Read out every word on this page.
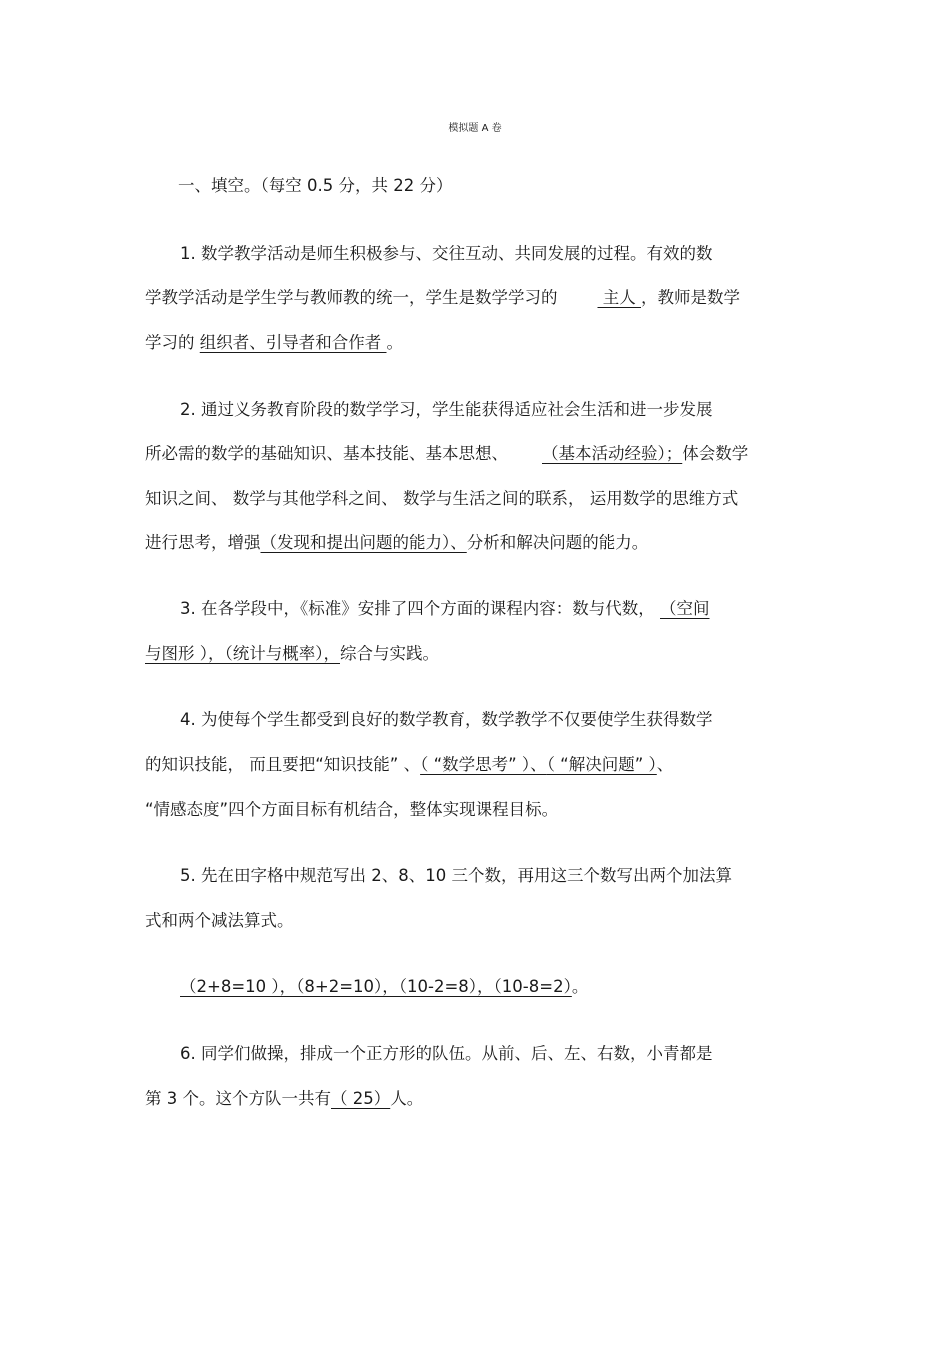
模拟题 A 卷
一、填空。（每空 0.5 分，共 22 分）
1. 数学教学活动是师生积极参与、交往互动、共同发展的过程。有效的数
学教学活动是学生学与教师教的统一，学生是数学学习的 主人 ，教师是数学
学习的 组织者、引导者和合作者 。
2. 通过义务教育阶段的数学学习，学生能获得适应社会生活和进一步发展
所必需的数学的基础知识、基本技能、基本思想、 （基本活动经验）；体会数学
知识之间、 数学与其他学科之间、 数学与生活之间的联系， 运用数学的思维方式
进行思考，增强（发现和提出问题的能力）、分析和解决问题的能力。
3. 在各学段中，《标准》安排了四个方面的课程内容：数与代数， （空间
与图形 ），（统计与概率），综合与实践。
4. 为使每个学生都受到良好的数学教育，数学教学不仅要使学生获得数学
的知识技能， 而且要把“知识技能” 、（ “数学思考” ）、（ “解决问题” ）、
“情感态度”四个方面目标有机结合，整体实现课程目标。
5. 先在田字格中规范写出 2、8、10 三个数，再用这三个数写出两个加法算
式和两个减法算式。
（2+8=10 ），（8+2=10），（10-2=8），（10-8=2）。
6. 同学们做操，排成一个正方形的队伍。从前、后、左、右数，小青都是
第 3 个。这个方队一共有（ 25）人。
